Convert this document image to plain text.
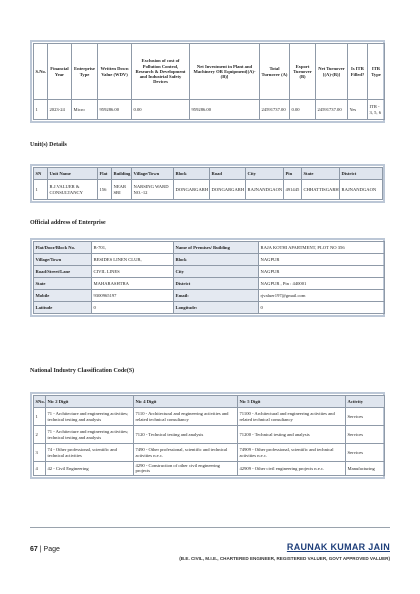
S.No.	Financial Year	Enterprise Type	Written Down Value (WDV)	Exclusion of cost of Pollution Control, Research & Development and Industrial Safety Devices	Net Investment in Plant and Machinery OR Equipment[(A)-(B)]	Total Turnover (A)	Export Turnover (B)	Net Turnover [(A)-(B)]	Is ITR Filled?	ITR Type
1	2023-24	Micro	959286.00	0.00	959286.00	24591737.00	0.00	24591737.00	Yes	ITR - 3, 5, 6
Unit(s) Details
SN	Unit Name	Flat	Building	Village/Town	Block	Road	City	Pin	State	District
1	R.J.VALUER & CONSULTANCY	156	NEAR SBI	NARSING WARD NO.-12	DONGARGARH	DONGARGARH	RAJNANDGAON	491445	CHHATTISGARH	RAJNANDGAON
Official address of Enterprise
Flat/Door/Block No.	B-701,	Name of Premises/ Building	RAJA KOTHI APARTMENT, PLOT NO 356
Village/Town	BESIDES LINEN CLUB,	Block	NAGPUR
Road/Street/Lane	CIVIL LINES	City	NAGPUR
State	MAHARASHTRA	District	NAGPUR , Pin : 440001
Mobile	9300965197	Email:	rjvaluer197@gmail.com
Latitude	0	Longitude:	0
National Industry Classification Code(S)
SNo.	Nic 2 Digit	Nic 4 Digit	Nic 5 Digit	Activity
1	71 - Architecture and engineering activities; technical testing and analysis	7110 - Architectural and engineering activities and related technical consultancy	71100 - Architectural and engineering activities and related technical consultancy	Services
2	71 - Architecture and engineering activities; technical testing and analysis	7120 - Technical testing and analysis	71200 - Technical testing and analysis	Services
3	74 - Other professional, scientific and technical activities	7490 - Other professional, scientific and technical activities n.e.c.	74909 - Other professional, scientific and technical activities n.e.c.	Services
4	42 - Civil Engineering	4290 - Construction of other civil engineering projects	42909 - Other civil engineering projects n.e.c.	Manufacturing
67 | Page	RAUNAK KUMAR JAIN
(B.E. CIVIL, M.I.E., CHARTERED ENGINEER, REGISTERED VALUER, GOVT APPROVED VALUER)
